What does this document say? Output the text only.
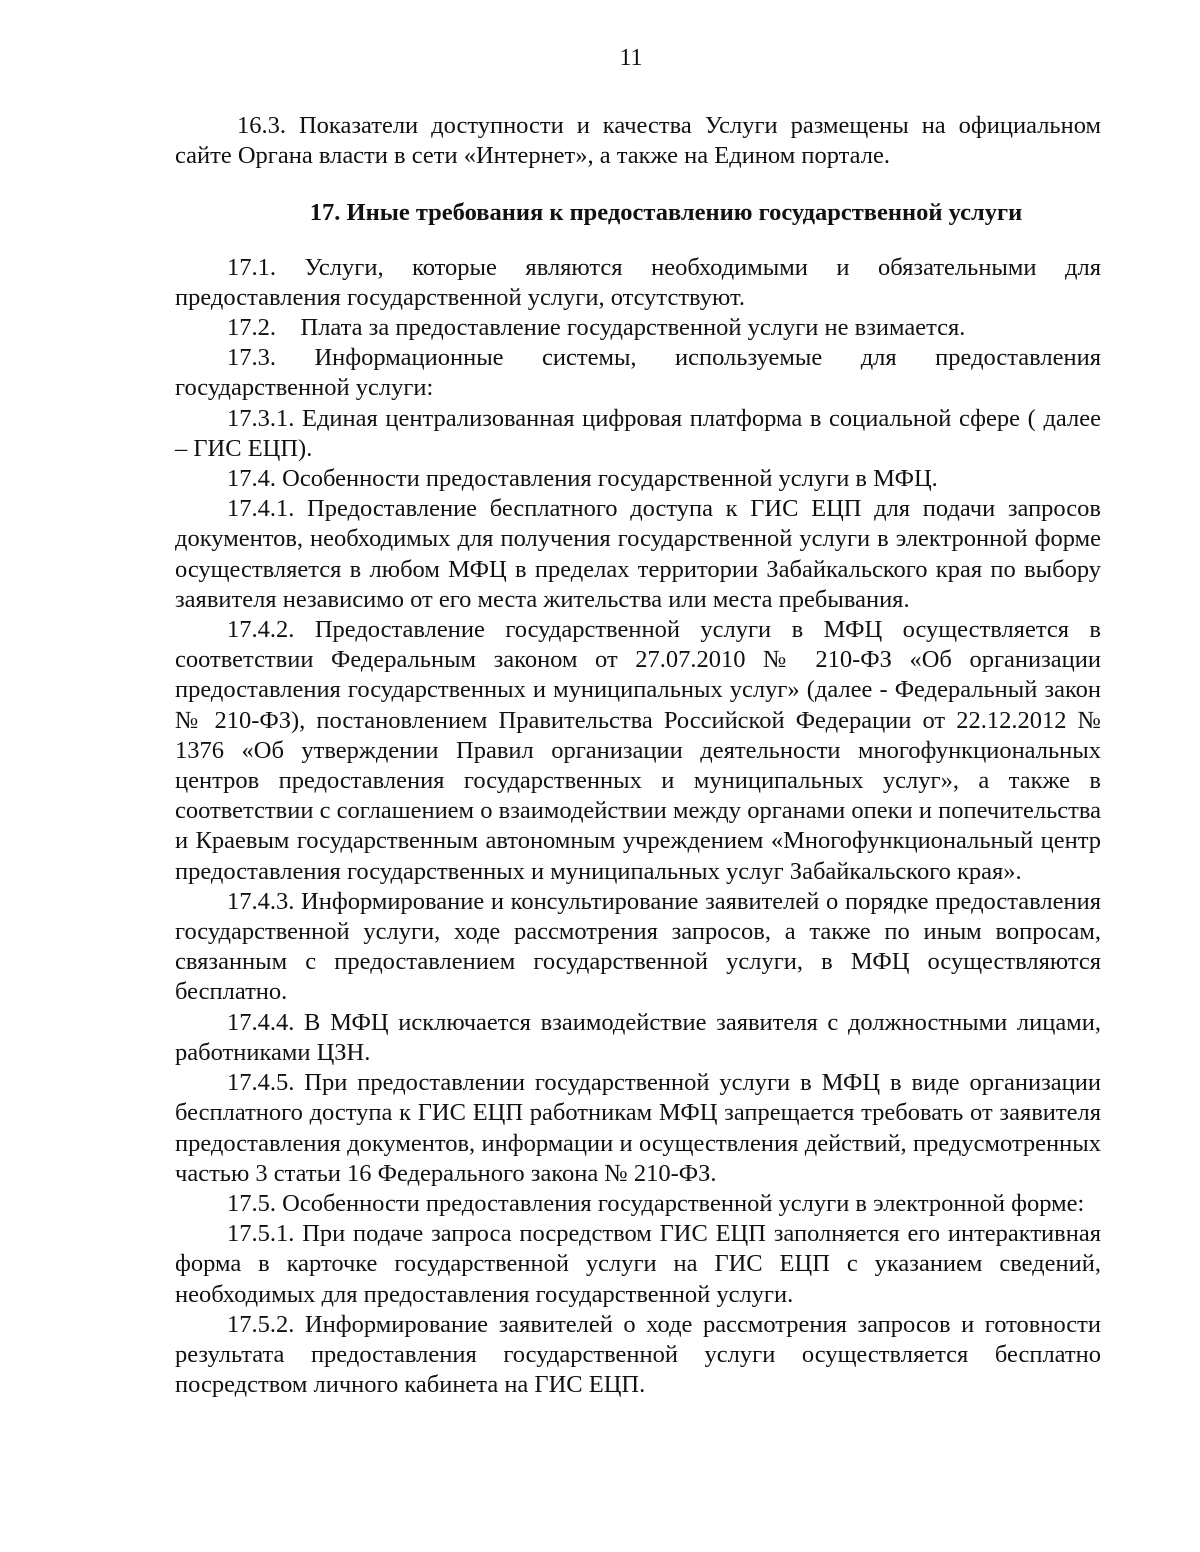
11

16.3. Показатели доступности и качества Услуги размещены на официальном сайте Органа власти в сети «Интернет», а также на Едином портале.

17. Иные требования к предоставлению государственной услуги

17.1. Услуги, которые являются необходимыми и обязательными для предоставления государственной услуги, отсутствуют.

17.2.    Плата за предоставление государственной услуги не взимается.

17.3. Информационные системы, используемые для предоставления государственной услуги:

17.3.1. Единая централизованная цифровая платформа в социальной сфере ( далее – ГИС ЕЦП).

17.4. Особенности предоставления государственной услуги в МФЦ.

17.4.1. Предоставление бесплатного доступа к ГИС ЕЦП для подачи запросов документов, необходимых для получения государственной услуги в электронной форме осуществляется в любом МФЦ в пределах территории Забайкальского края по выбору заявителя независимо от его места жительства или места пребывания.

17.4.2. Предоставление государственной услуги в МФЦ осуществляется в соответствии Федеральным законом от 27.07.2010 № 210-ФЗ «Об организации предоставления государственных и муниципальных услуг» (далее - Федеральный закон № 210-ФЗ), постановлением Правительства Российской Федерации от 22.12.2012 № 1376 «Об утверждении Правил организации деятельности многофункциональных центров предоставления государственных и муниципальных услуг», а также в соответствии с соглашением о взаимодействии между органами опеки и попечительства и Краевым государственным автономным учреждением «Многофункциональный центр предоставления государственных и муниципальных услуг Забайкальского края».

17.4.3. Информирование и консультирование заявителей о порядке предоставления государственной услуги, ходе рассмотрения запросов, а также по иным вопросам, связанным с предоставлением государственной услуги, в МФЦ осуществляются бесплатно.

17.4.4. В МФЦ исключается взаимодействие заявителя с должностными лицами, работниками ЦЗН.

17.4.5. При предоставлении государственной услуги в МФЦ в виде организации бесплатного доступа к ГИС ЕЦП работникам МФЦ запрещается требовать от заявителя предоставления документов, информации и осуществления действий, предусмотренных частью 3 статьи 16 Федерального закона № 210-ФЗ.

17.5. Особенности предоставления государственной услуги в электронной форме:

17.5.1. При подаче запроса посредством ГИС ЕЦП заполняется его интерактивная форма в карточке государственной услуги на ГИС ЕЦП с указанием сведений, необходимых для предоставления государственной услуги.

17.5.2. Информирование заявителей о ходе рассмотрения запросов и готовности результата предоставления государственной услуги осуществляется бесплатно посредством личного кабинета на ГИС ЕЦП.
